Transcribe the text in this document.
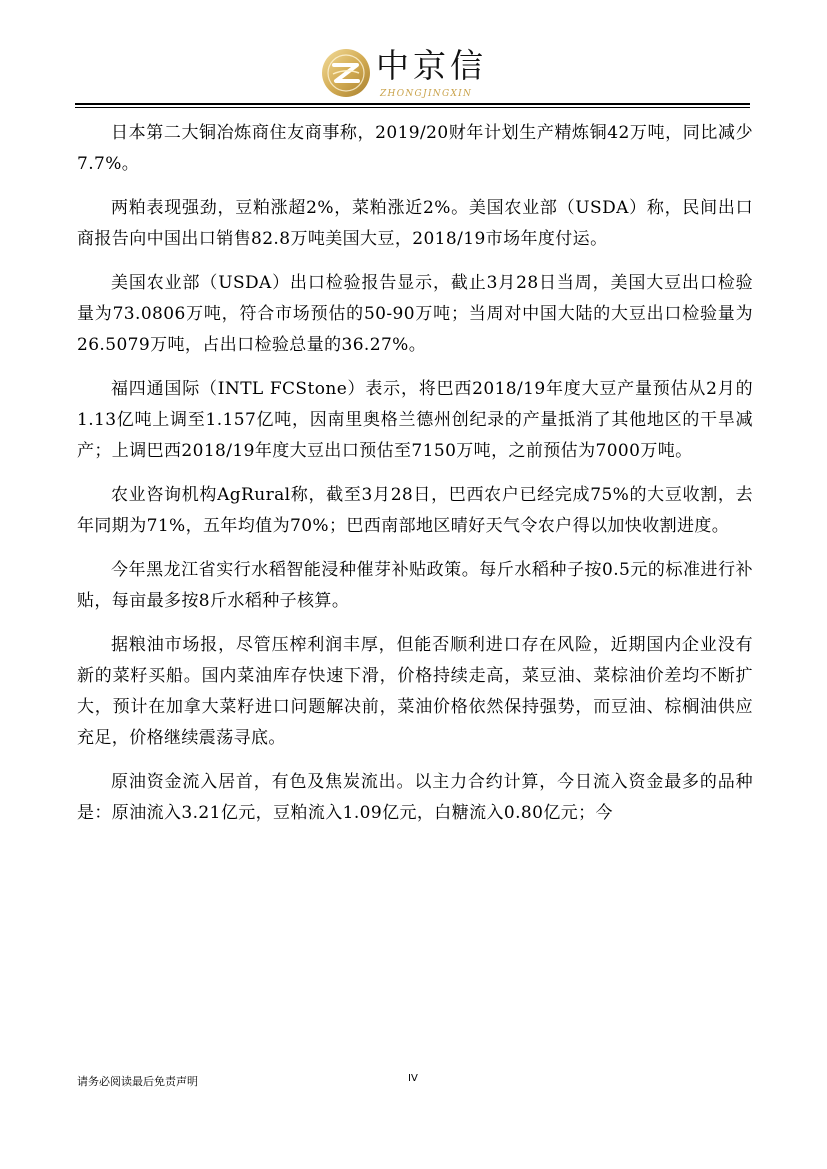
中京信
ZHONGJINGXIN

日本第二大铜冶炼商住友商事称，2019/20财年计划生产精炼铜42万吨，同比减少7.7%。

两粕表现强劲，豆粕涨超2%，菜粕涨近2%。美国农业部（USDA）称，民间出口商报告向中国出口销售82.8万吨美国大豆，2018/19市场年度付运。

美国农业部（USDA）出口检验报告显示，截止3月28日当周，美国大豆出口检验量为73.0806万吨，符合市场预估的50-90万吨；当周对中国大陆的大豆出口检验量为26.5079万吨，占出口检验总量的36.27%。

福四通国际（INTL FCStone）表示，将巴西2018/19年度大豆产量预估从2月的1.13亿吨上调至1.157亿吨，因南里奥格兰德州创纪录的产量抵消了其他地区的干旱减产；上调巴西2018/19年度大豆出口预估至7150万吨，之前预估为7000万吨。

农业咨询机构AgRural称，截至3月28日，巴西农户已经完成75%的大豆收割，去年同期为71%，五年均值为70%；巴西南部地区晴好天气令农户得以加快收割进度。

今年黑龙江省实行水稻智能浸种催芽补贴政策。每斤水稻种子按0.5元的标准进行补贴，每亩最多按8斤水稻种子核算。

据粮油市场报，尽管压榨利润丰厚，但能否顺利进口存在风险，近期国内企业没有新的菜籽买船。国内菜油库存快速下滑，价格持续走高，菜豆油、菜棕油价差均不断扩大，预计在加拿大菜籽进口问题解决前，菜油价格依然保持强势，而豆油、棕榈油供应充足，价格继续震荡寻底。

原油资金流入居首，有色及焦炭流出。以主力合约计算，今日流入资金最多的品种是：原油流入3.21亿元，豆粕流入1.09亿元，白糖流入0.80亿元；今

请务必阅读最后免责声明	IV
